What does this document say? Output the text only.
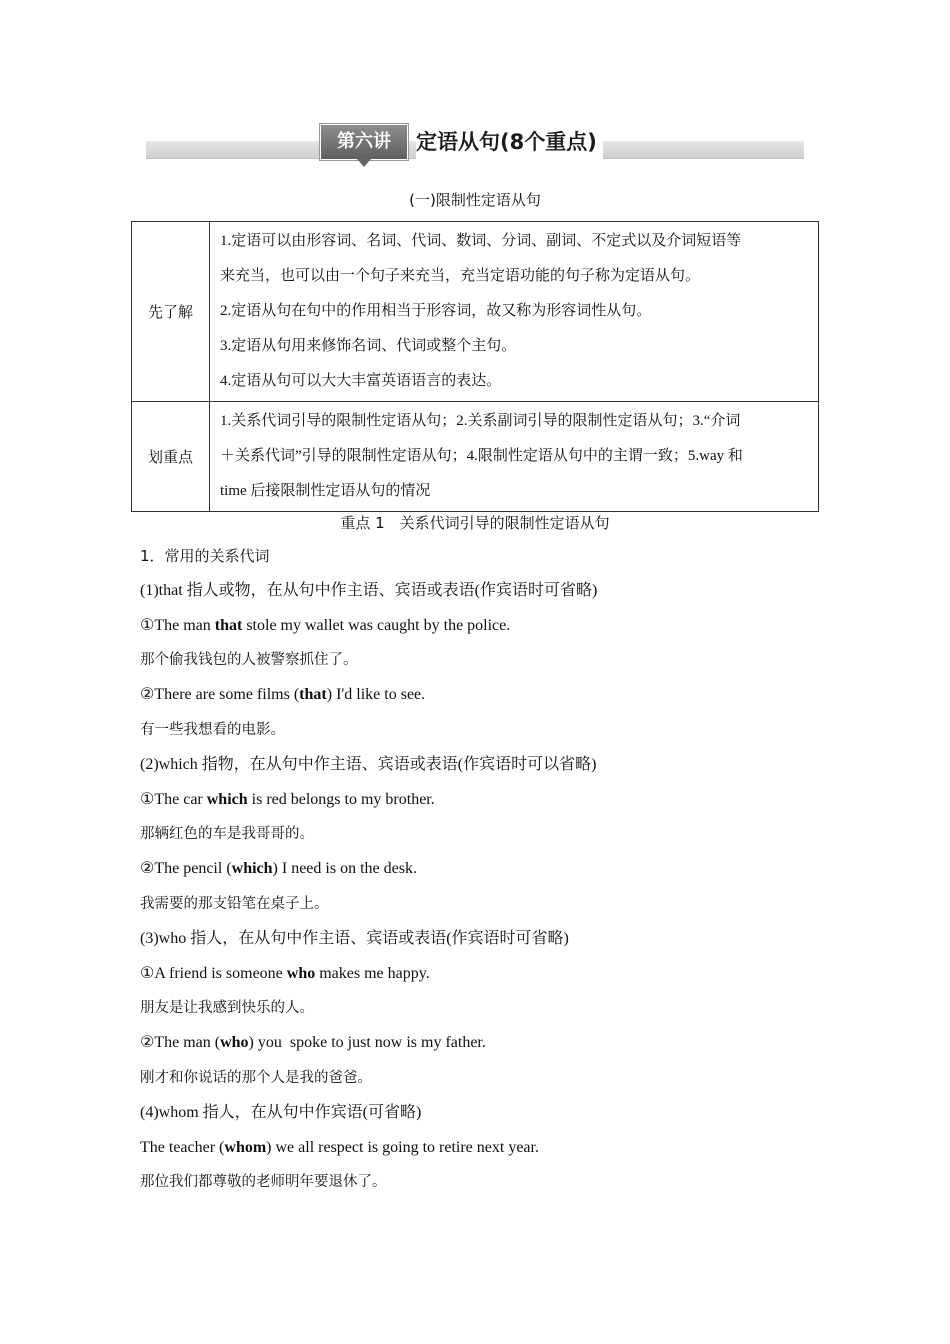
第六讲	定语从句(8个重点)
(一)限制性定语从句
先了解	1.定语可以由形容词、名词、代词、数词、分词、副词、不定式以及介词短语等
来充当，也可以由一个句子来充当，充当定语功能的句子称为定语从句。
2.定语从句在句中的作用相当于形容词，故又称为形容词性从句。
3.定语从句用来修饰名词、代词或整个主句。
4.定语从句可以大大丰富英语语言的表达。

划重点	1.关系代词引导的限制性定语从句；2.关系副词引导的限制性定语从句；3.“介词
＋关系代词”引导的限制性定语从句；4.限制性定语从句中的主谓一致；5.way 和
time 后接限制性定语从句的情况
重点 1　关系代词引导的限制性定语从句
1．常用的关系代词
(1)that 指人或物，在从句中作主语、宾语或表语(作宾语时可省略)
①The man that stole my wallet was caught by the police.
那个偷我钱包的人被警察抓住了。
②There are some films (that) I'd like to see.
有一些我想看的电影。
(2)which 指物，在从句中作主语、宾语或表语(作宾语时可以省略)
①The car which is red belongs to my brother.
那辆红色的车是我哥哥的。
②The pencil (which) I need is on the desk.
我需要的那支铅笔在桌子上。
(3)who 指人，在从句中作主语、宾语或表语(作宾语时可省略)
①A friend is someone who makes me happy.
朋友是让我感到快乐的人。
②The man (who) you  spoke to just now is my father.
刚才和你说话的那个人是我的爸爸。
(4)whom 指人，在从句中作宾语(可省略)
The teacher (whom) we all respect is going to retire next year.
那位我们都尊敬的老师明年要退休了。
